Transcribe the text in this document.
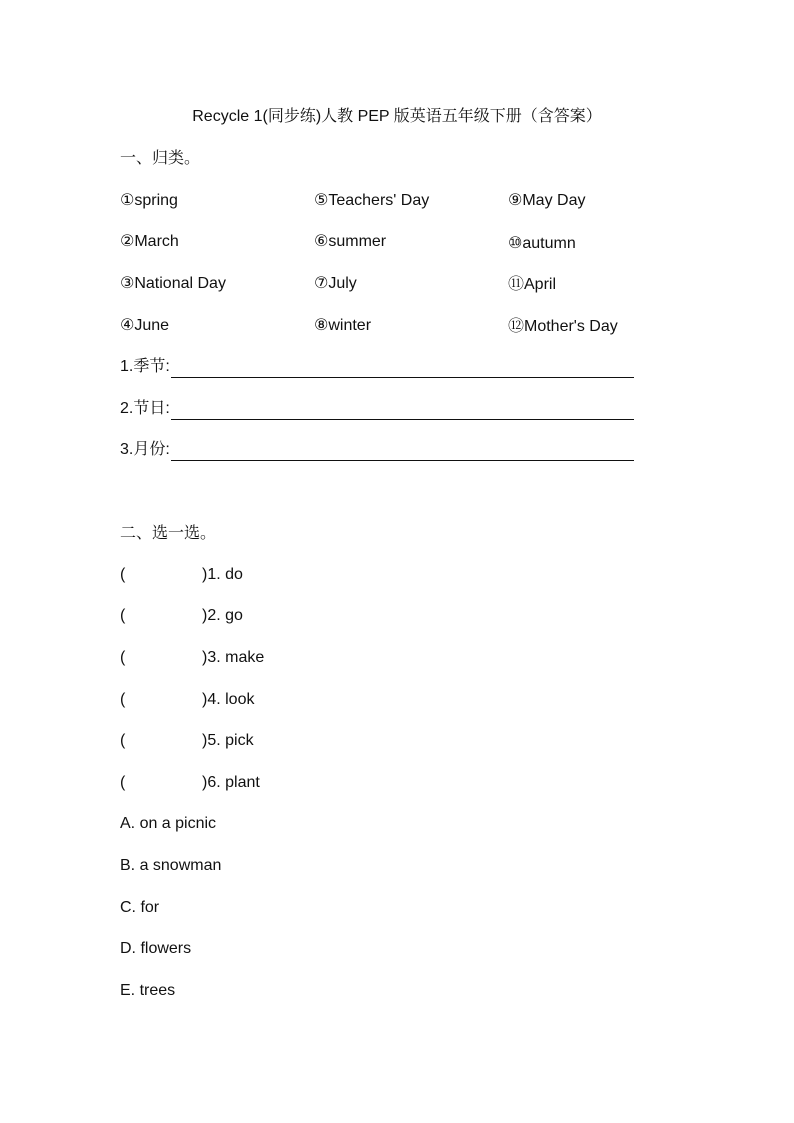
Recycle 1(同步练)人教 PEP 版英语五年级下册（含答案）
一、归类。
①spring
②March
③National Day
④June
⑤Teachers' Day
⑥summer
⑦July
⑧winter
⑨May Day
⑩autumn
⑪April
⑫Mother's Day
1.季节:
2.节日:
3.月份:
二、选一选。
(	)1. do
(	)2. go
(	)3. make
(	)4. look
(	)5. pick
(	)6. plant
A. on a picnic
B. a snowman
C. for
D. flowers
E. trees
